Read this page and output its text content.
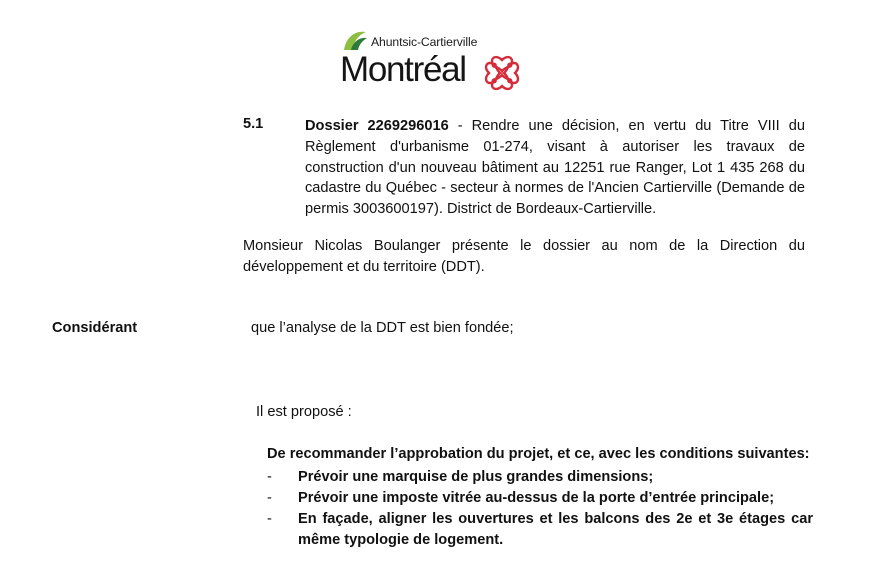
Ahuntsic-Cartierville
Montréal
5.1	Dossier 2269296016 - Rendre une décision, en vertu du Titre VIII du Règlement d'urbanisme 01-274, visant à autoriser les travaux de construction d'un nouveau bâtiment au 12251 rue Ranger, Lot 1 435 268 du cadastre du Québec - secteur à normes de l'Ancien Cartierville (Demande de permis 3003600197). District de Bordeaux-Cartierville.
Monsieur Nicolas Boulanger présente le dossier au nom de la Direction du développement et du territoire (DDT).
Considérant	que l’analyse de la DDT est bien fondée;
Il est proposé :
De recommander l’approbation du projet, et ce, avec les conditions suivantes:
- Prévoir une marquise de plus grandes dimensions;
- Prévoir une imposte vitrée au-dessus de la porte d’entrée principale;
- En façade, aligner les ouvertures et les balcons des 2e et 3e étages car même typologie de logement.
